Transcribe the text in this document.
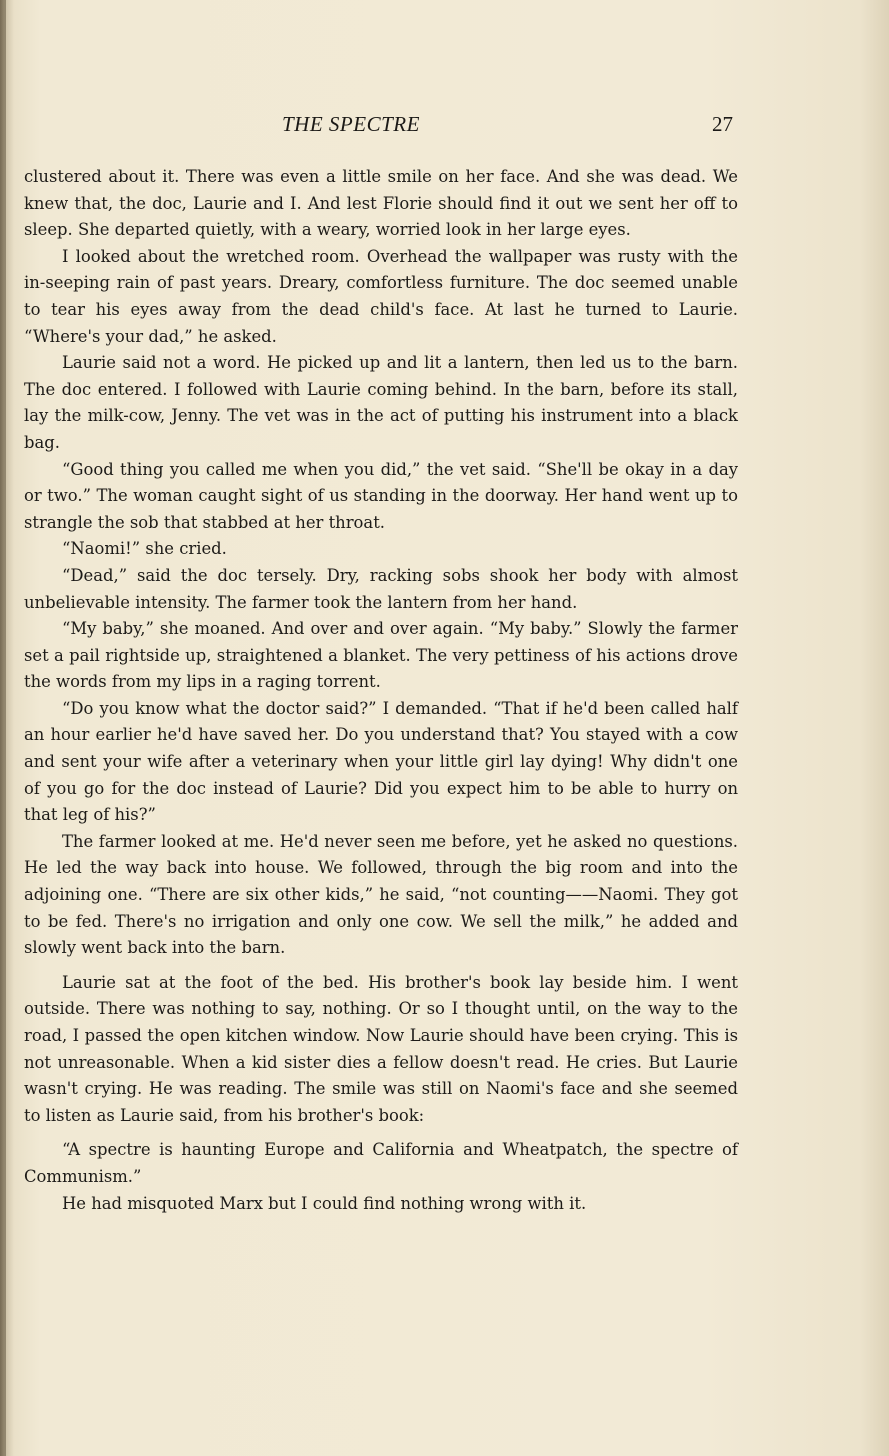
THE SPECTRE	27

clustered about it. There was even a little smile on her face. And she was dead. We knew that, the doc, Laurie and I. And lest Florie should find it out we sent her off to sleep. She departed quietly, with a weary, worried look in her large eyes.

I looked about the wretched room. Overhead the wallpaper was rusty with the in-seeping rain of past years. Dreary, comfortless furniture. The doc seemed unable to tear his eyes away from the dead child's face. At last he turned to Laurie. “Where's your dad,” he asked.

Laurie said not a word. He picked up and lit a lantern, then led us to the barn. The doc entered. I followed with Laurie coming behind. In the barn, before its stall, lay the milk-cow, Jenny. The vet was in the act of putting his instrument into a black bag.

“Good thing you called me when you did,” the vet said. “She'll be okay in a day or two.” The woman caught sight of us standing in the doorway. Her hand went up to strangle the sob that stabbed at her throat.

“Naomi!” she cried.

“Dead,” said the doc tersely. Dry, racking sobs shook her body with almost unbelievable intensity. The farmer took the lantern from her hand.

“My baby,” she moaned. And over and over again. “My baby.” Slowly the farmer set a pail rightside up, straightened a blanket. The very pettiness of his actions drove the words from my lips in a raging torrent.

“Do you know what the doctor said?” I demanded. “That if he'd been called half an hour earlier he'd have saved her. Do you understand that? You stayed with a cow and sent your wife after a veterinary when your little girl lay dying! Why didn't one of you go for the doc instead of Laurie? Did you expect him to be able to hurry on that leg of his?”

The farmer looked at me. He'd never seen me before, yet he asked no questions. He led the way back into house. We followed, through the big room and into the adjoining one. “There are six other kids,” he said, “not counting——Naomi. They got to be fed. There's no irrigation and only one cow. We sell the milk,” he added and slowly went back into the barn.

Laurie sat at the foot of the bed. His brother's book lay beside him. I went outside. There was nothing to say, nothing. Or so I thought until, on the way to the road, I passed the open kitchen window. Now Laurie should have been crying. This is not unreasonable. When a kid sister dies a fellow doesn't read. He cries. But Laurie wasn't crying. He was reading. The smile was still on Naomi's face and she seemed to listen as Laurie said, from his brother's book:

“A spectre is haunting Europe and California and Wheatpatch, the spectre of Communism.”

He had misquoted Marx but I could find nothing wrong with it.
